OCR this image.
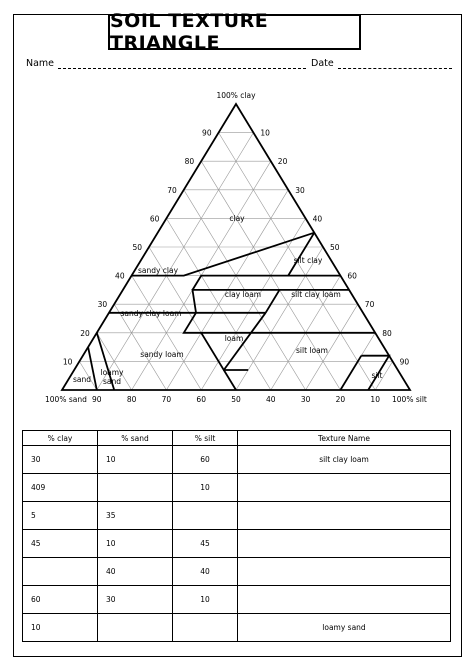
SOIL TEXTURE TRIANGLE
Name	Date
90
80
70
60
50
40
30
20
10
10
20
30
40
50
60
70
80
90
90	80	70	60	50	40	30	20	10
100% clay
100% sand	100% silt
clay
silt clay
sandy clay
clay loam	silt clay loam
sandy clay loam
loam
silt loam
sandy loam
loamy sand
sand	silt
% clay	% sand	% silt	Texture Name
30	10	60	silt clay loam
409		10	
5	35		
45	10	45	
	40	40	
60	30	10	
10			loamy sand
